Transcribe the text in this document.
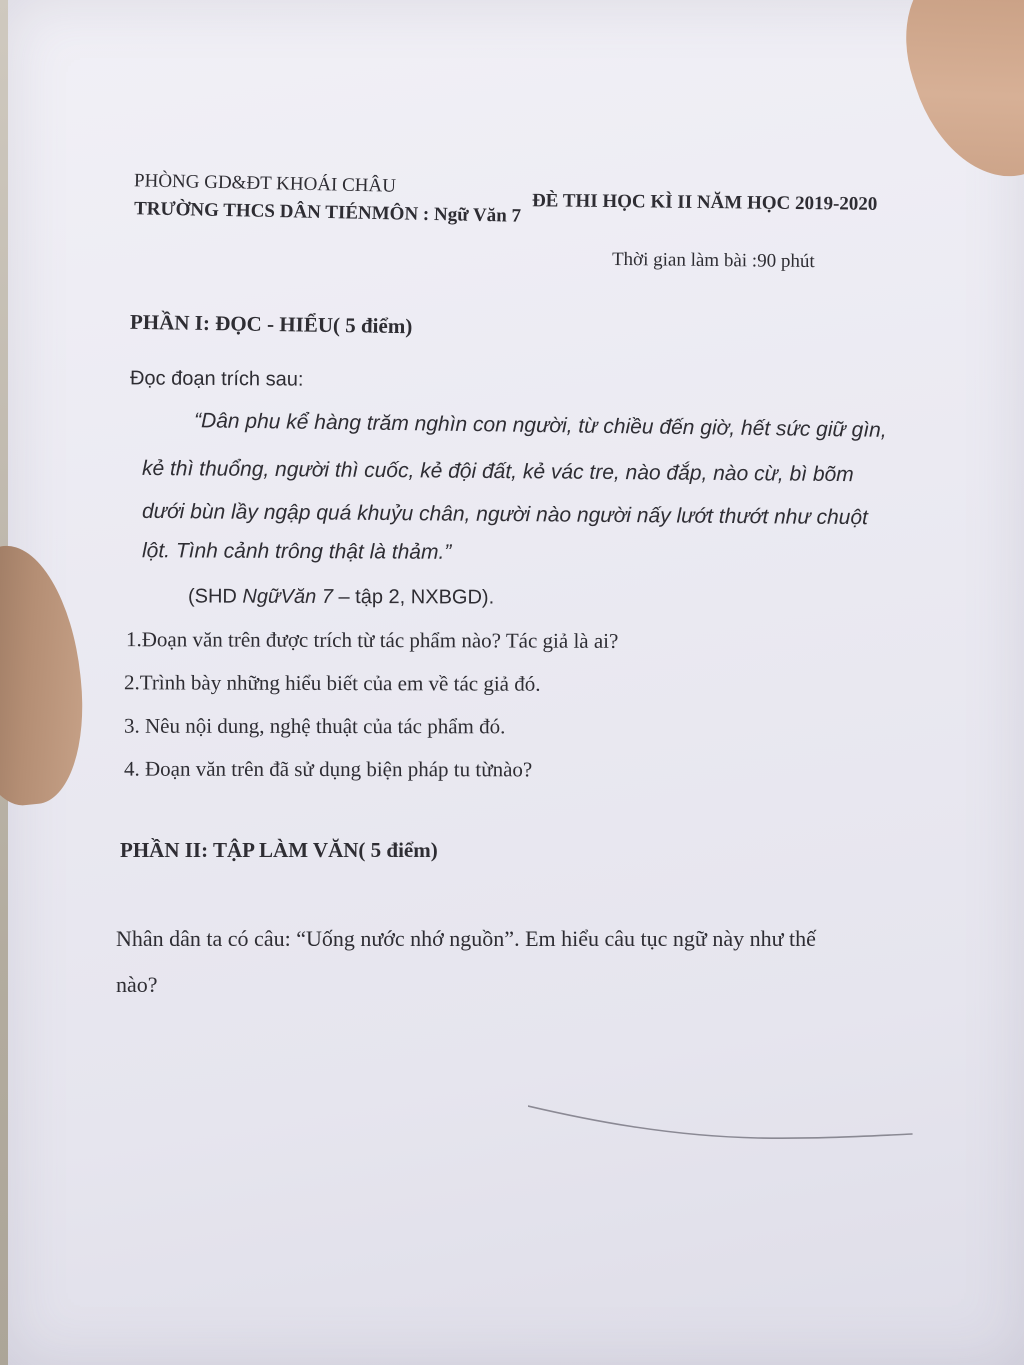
PHÒNG GD&ĐT KHOÁI CHÂU
ĐÈ THI HỌC KÌ II NĂM HỌC 2019-2020
TRƯỜNG THCS DÂN TIÉNMÔN : Ngữ Văn 7
Thời gian làm bài :90 phút
PHẦN I: ĐỌC - HIỂU( 5 điểm)
Đọc đoạn trích sau:
“Dân phu kể hàng trăm nghìn con người, từ chiều đến giờ, hết sức giữ gìn,
kẻ thì thuổng, người thì cuốc, kẻ đội đất, kẻ vác tre, nào đắp, nào cừ, bì bõm
dưới bùn lầy ngập quá khuỷu chân, người nào người nấy lướt thướt như chuột
lột. Tình cảnh trông thật là thảm.”
(SHD NgữVăn 7 – tập 2, NXBGD).
1.Đoạn văn trên được trích từ tác phẩm nào? Tác giả là ai?
2.Trình bày những hiểu biết của em về tác giả đó.
3. Nêu nội dung, nghệ thuật của tác phẩm đó.
4. Đoạn văn trên đã sử dụng biện pháp tu từnào?
PHẦN II: TẬP LÀM VĂN( 5 điểm)
Nhân dân ta có câu: “Uống nước nhớ nguồn”. Em hiểu câu tục ngữ này như thế
nào?
